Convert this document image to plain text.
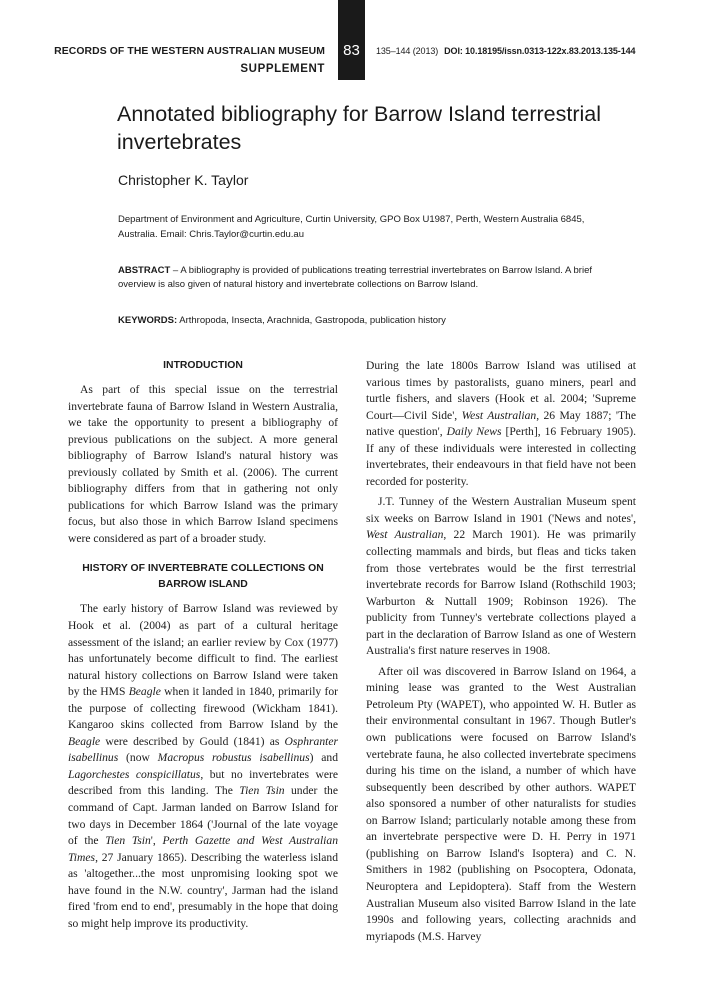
RECORDS OF THE WESTERN AUSTRALIAN MUSEUM
SUPPLEMENT
83	135–144 (2013) DOI: 10.18195/issn.0313-122x.83.2013.135-144
Annotated bibliography for Barrow Island terrestrial invertebrates
Christopher K. Taylor
Department of Environment and Agriculture, Curtin University, GPO Box U1987, Perth, Western Australia 6845, Australia. Email: Chris.Taylor@curtin.edu.au
ABSTRACT – A bibliography is provided of publications treating terrestrial invertebrates on Barrow Island. A brief overview is also given of natural history and invertebrate collections on Barrow Island.
KEYWORDS: Arthropoda, Insecta, Arachnida, Gastropoda, publication history
INTRODUCTION

As part of this special issue on the terrestrial invertebrate fauna of Barrow Island in Western Australia, we take the opportunity to present a bibliography of previous publications on the subject. A more general bibliography of Barrow Island's natural history was previously collated by Smith et al. (2006). The current bibliography differs from that in gathering not only publications for which Barrow Island was the primary focus, but also those in which Barrow Island specimens were considered as part of a broader study.

HISTORY OF INVERTEBRATE COLLECTIONS ON BARROW ISLAND

The early history of Barrow Island was reviewed by Hook et al. (2004) as part of a cultural heritage assessment of the island; an earlier review by Cox (1977) has unfortunately become difficult to find. The earliest natural history collections on Barrow Island were taken by the HMS Beagle when it landed in 1840, primarily for the purpose of collecting firewood (Wickham 1841). Kangaroo skins collected from Barrow Island by the Beagle were described by Gould (1841) as Osphranter isabellinus (now Macropus robustus isabellinus) and Lagorchestes conspicillatus, but no invertebrates were described from this landing. The Tien Tsin under the command of Capt. Jarman landed on Barrow Island for two days in December 1864 ('Journal of the late voyage of the Tien Tsin', Perth Gazette and West Australian Times, 27 January 1865). Describing the waterless island as 'altogether...the most unpromising looking spot we have found in the N.W. country', Jarman had the island fired 'from end to end', presumably in the hope that doing so might help improve its productivity.

During the late 1800s Barrow Island was utilised at various times by pastoralists, guano miners, pearl and turtle fishers, and slavers (Hook et al. 2004; 'Supreme Court—Civil Side', West Australian, 26 May 1887; 'The native question', Daily News [Perth], 16 February 1905). If any of these individuals were interested in collecting invertebrates, their endeavours in that field have not been recorded for posterity.

J.T. Tunney of the Western Australian Museum spent six weeks on Barrow Island in 1901 ('News and notes', West Australian, 22 March 1901). He was primarily collecting mammals and birds, but fleas and ticks taken from those vertebrates would be the first terrestrial invertebrate records for Barrow Island (Rothschild 1903; Warburton & Nuttall 1909; Robinson 1926). The publicity from Tunney's vertebrate collections played a part in the declaration of Barrow Island as one of Western Australia's first nature reserves in 1908.

After oil was discovered in Barrow Island on 1964, a mining lease was granted to the West Australian Petroleum Pty (WAPET), who appointed W. H. Butler as their environmental consultant in 1967. Though Butler's own publications were focused on Barrow Island's vertebrate fauna, he also collected invertebrate specimens during his time on the island, a number of which have subsequently been described by other authors. WAPET also sponsored a number of other naturalists for studies on Barrow Island; particularly notable among these from an invertebrate perspective were D. H. Perry in 1971 (publishing on Barrow Island's Isoptera) and C. N. Smithers in 1982 (publishing on Psocoptera, Odonata, Neuroptera and Lepidoptera). Staff from the Western Australian Museum also visited Barrow Island in the late 1990s and following years, collecting arachnids and myriapods (M.S. Harvey
